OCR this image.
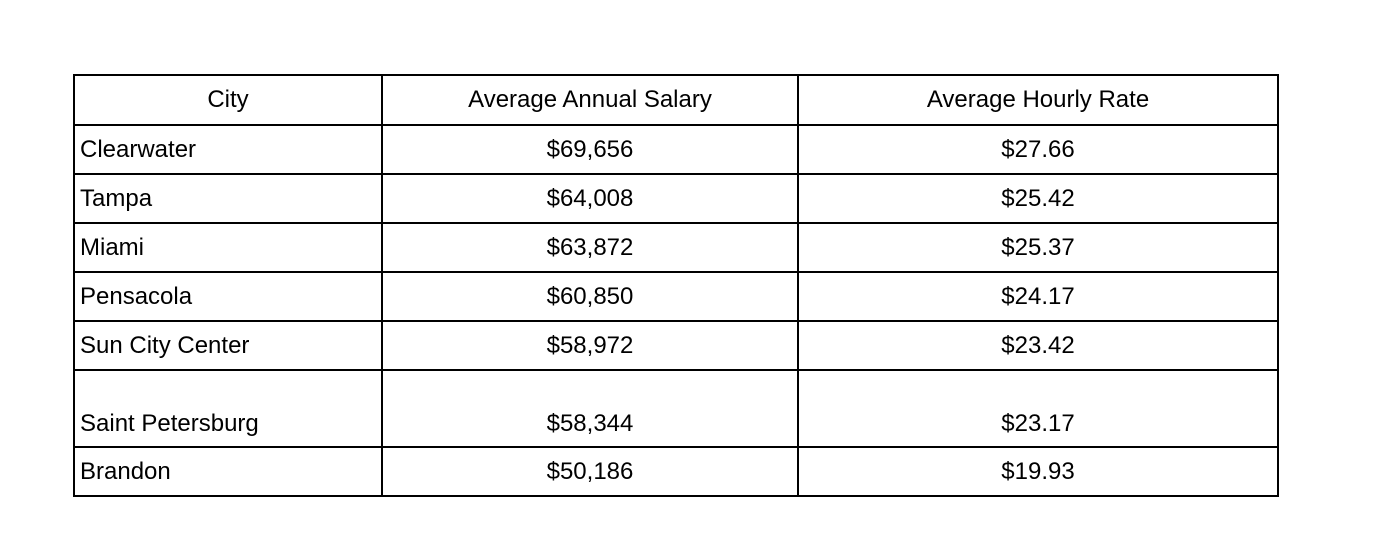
City	Average Annual Salary	Average Hourly Rate
Clearwater	$69,656	$27.66
Tampa	$64,008	$25.42
Miami	$63,872	$25.37
Pensacola	$60,850	$24.17
Sun City Center	$58,972	$23.42
Saint Petersburg	$58,344	$23.17
Brandon	$50,186	$19.93
